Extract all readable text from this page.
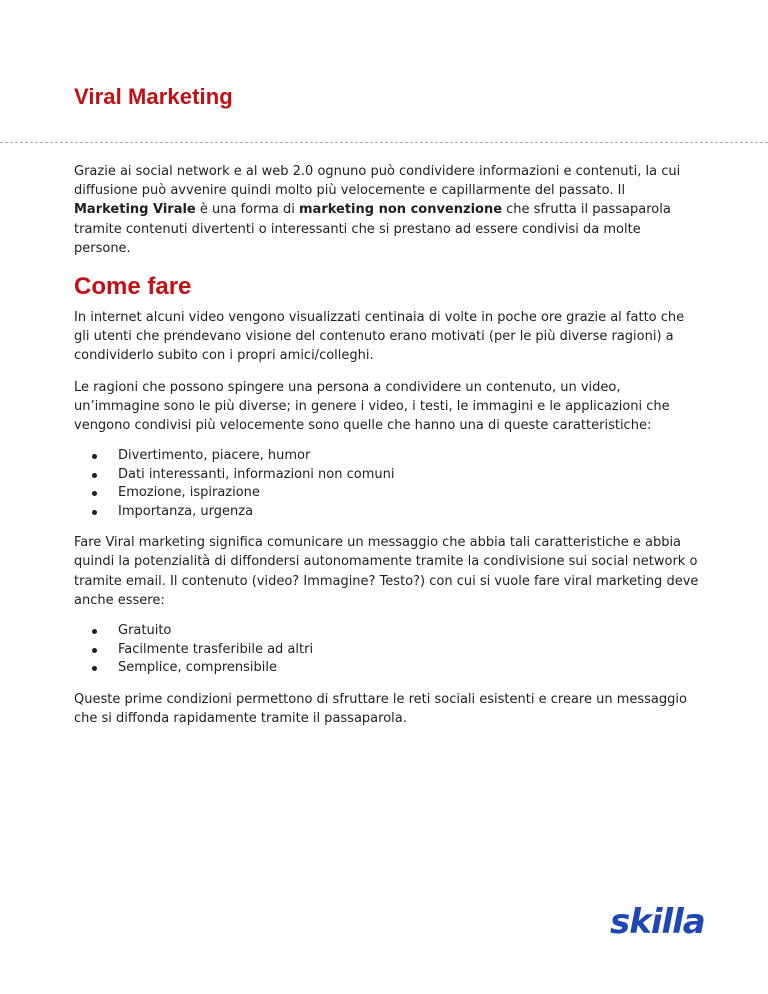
Viral Marketing

Grazie ai social network e al web 2.0 ognuno può condividere informazioni e contenuti, la cui diffusione può avvenire quindi molto più velocemente e capillarmente del passato. Il Marketing Virale è una forma di marketing non convenzione che sfrutta il passaparola tramite contenuti divertenti o interessanti che si prestano ad essere condivisi da molte persone.

Come fare

In internet alcuni video vengono visualizzati centinaia di volte in poche ore grazie al fatto che gli utenti che prendevano visione del contenuto erano motivati (per le più diverse ragioni) a condividerlo subito con i propri amici/colleghi.

Le ragioni che possono spingere una persona a condividere un contenuto, un video, un’immagine sono le più diverse; in genere i video, i testi, le immagini e le applicazioni che vengono condivisi più velocemente sono quelle che hanno una di queste caratteristiche:

Divertimento, piacere, humor
Dati interessanti, informazioni non comuni
Emozione, ispirazione
Importanza, urgenza

Fare Viral marketing significa comunicare un messaggio che abbia tali caratteristiche e abbia quindi la potenzialità di diffondersi autonomamente tramite la condivisione sui social network o tramite email. Il contenuto (video? Immagine? Testo?) con cui si vuole fare viral marketing deve anche essere:

Gratuito
Facilmente trasferibile ad altri
Semplice, comprensibile

Queste prime condizioni permettono di sfruttare le reti sociali esistenti e creare un messaggio che si diffonda rapidamente tramite il passaparola.

skilla
